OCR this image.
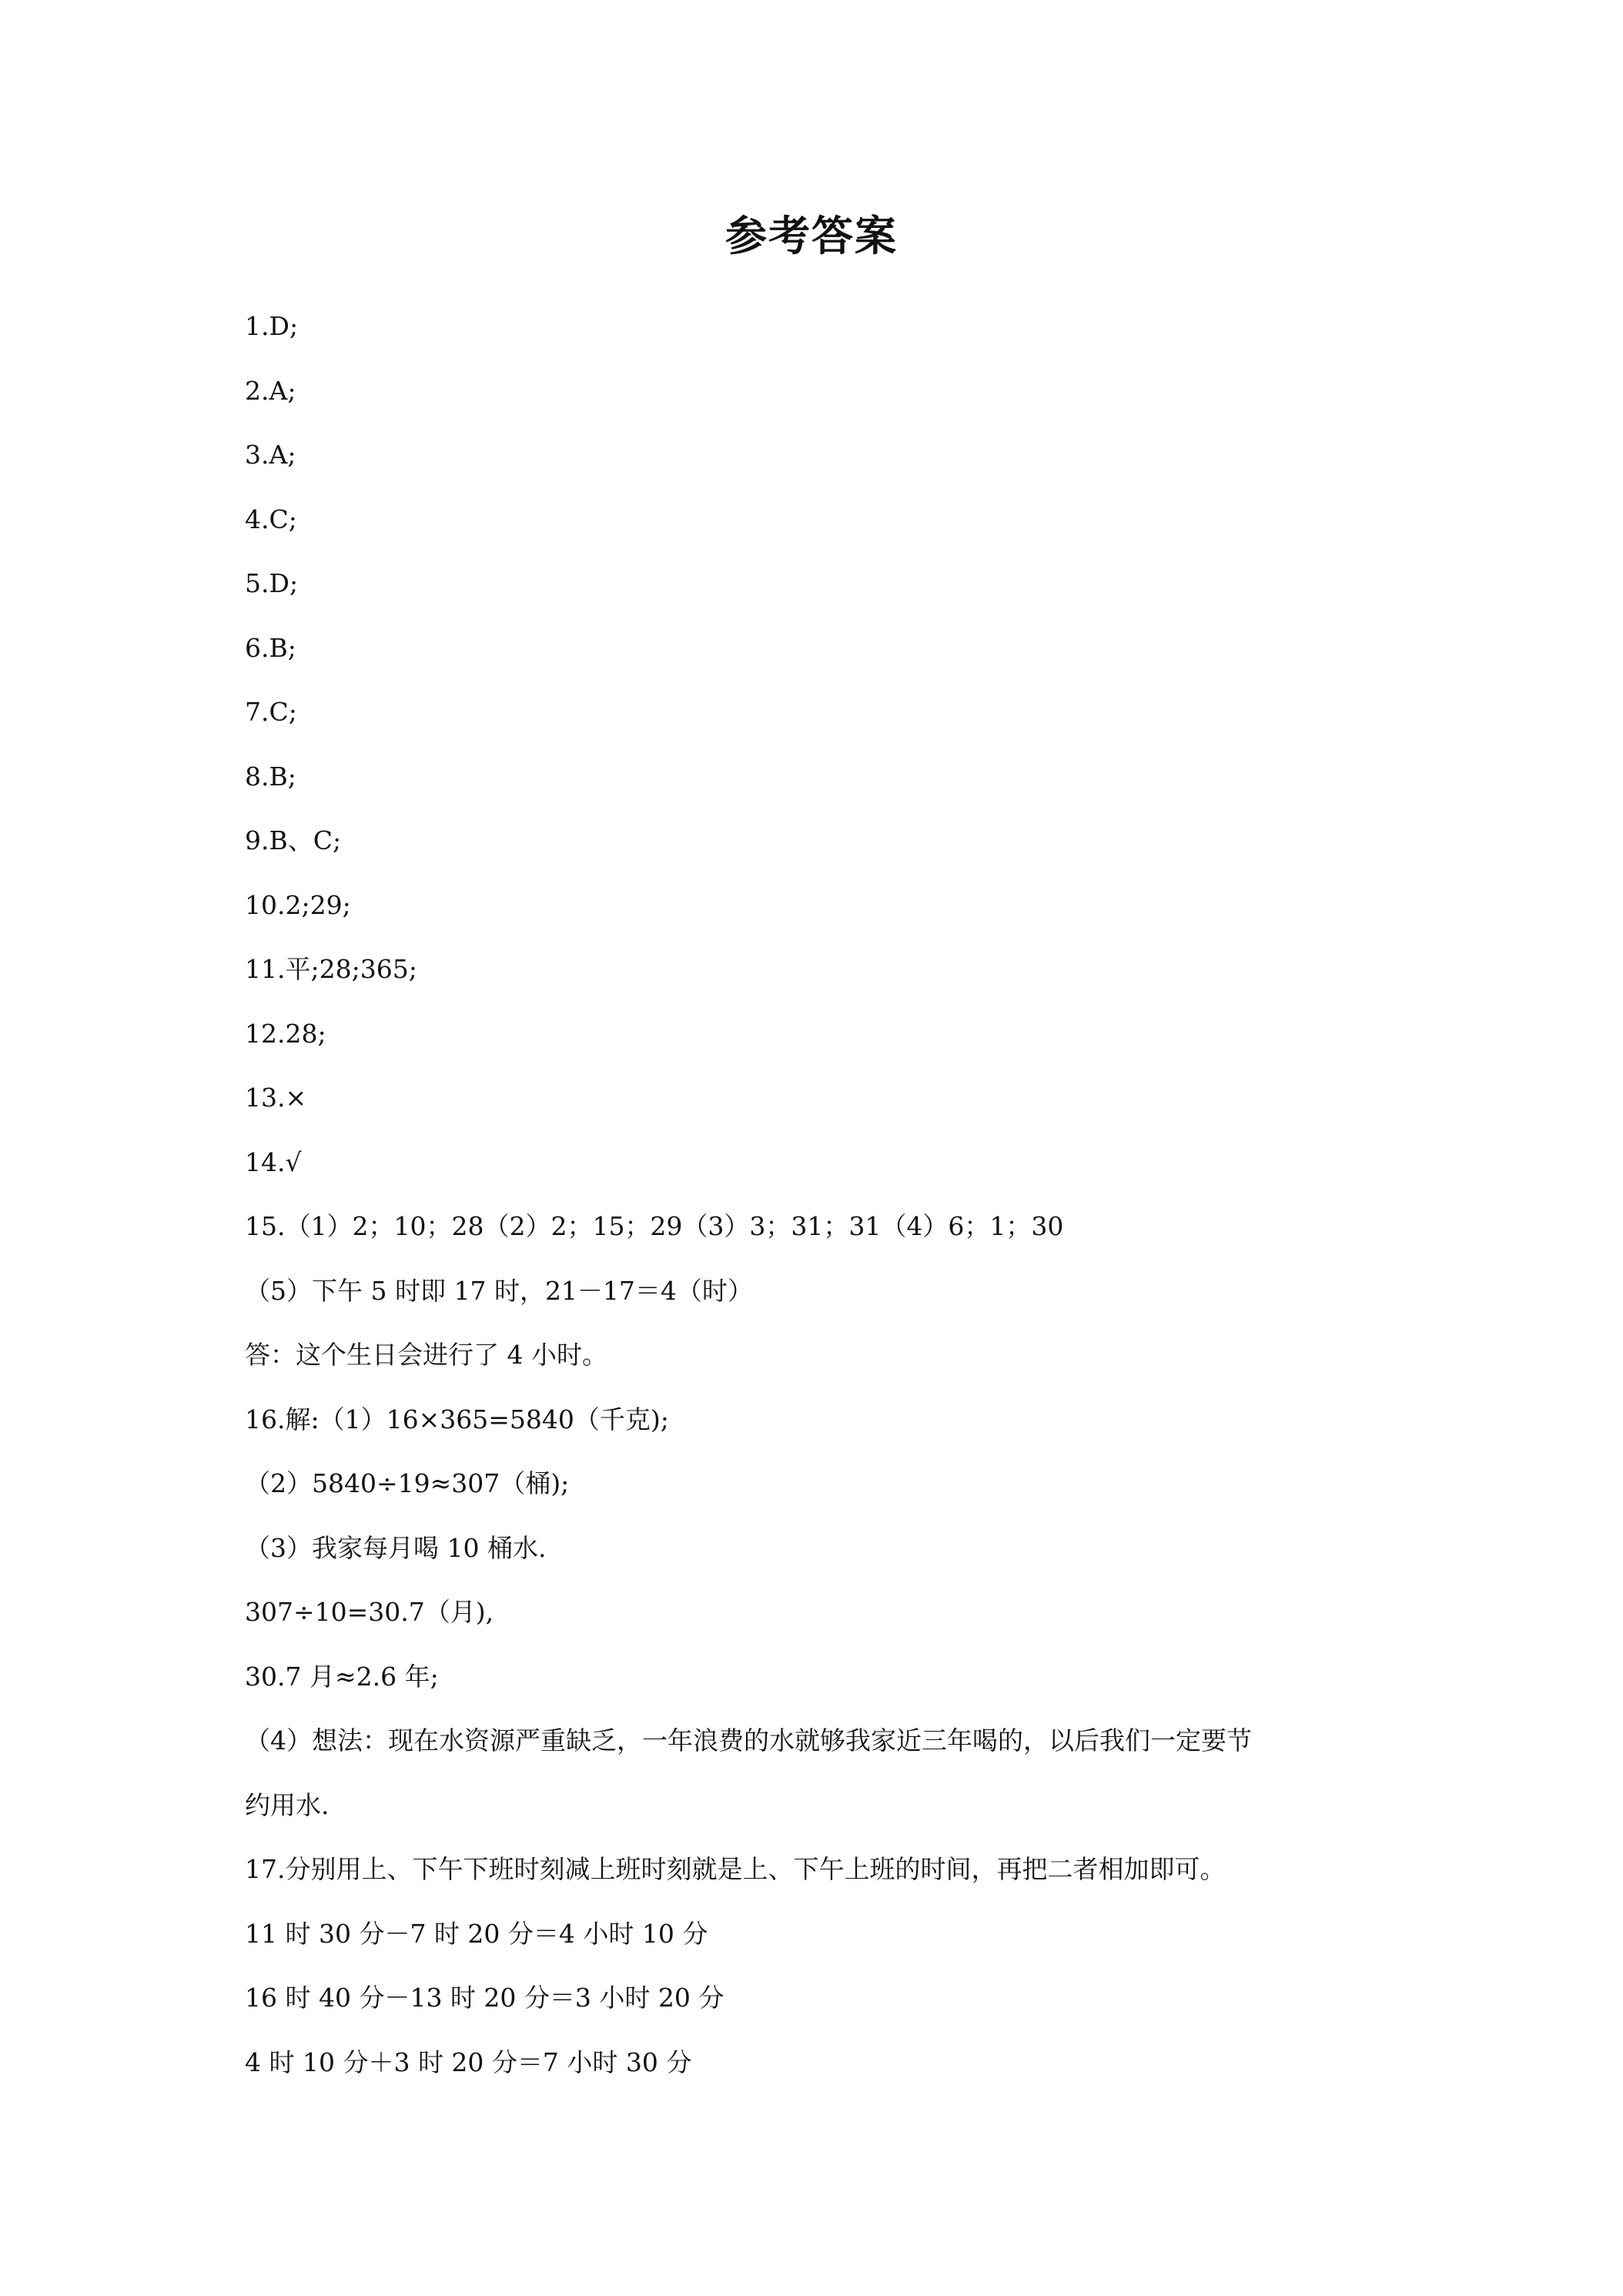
参考答案
1.D;
2.A;
3.A;
4.C;
5.D;
6.B;
7.C;
8.B;
9.B、C;
10.2;29;
11.平;28;365;
12.28;
13.×
14.√
15.（1）2；10；28（2）2；15；29（3）3；31；31（4）6；1；30
（5）下午 5 时即 17 时，21－17＝4（时）
答：这个生日会进行了 4 小时。
16.解:（1）16×365=5840（千克);
（2）5840÷19≈307（桶);
（3）我家每月喝 10 桶水.
307÷10=30.7（月),
30.7 月≈2.6 年;
（4）想法：现在水资源严重缺乏，一年浪费的水就够我家近三年喝的，以后我们一定要节
约用水.
17.分别用上、下午下班时刻减上班时刻就是上、下午上班的时间，再把二者相加即可。
11 时 30 分－7 时 20 分＝4 小时 10 分
16 时 40 分－13 时 20 分＝3 小时 20 分
4 时 10 分＋3 时 20 分＝7 小时 30 分
